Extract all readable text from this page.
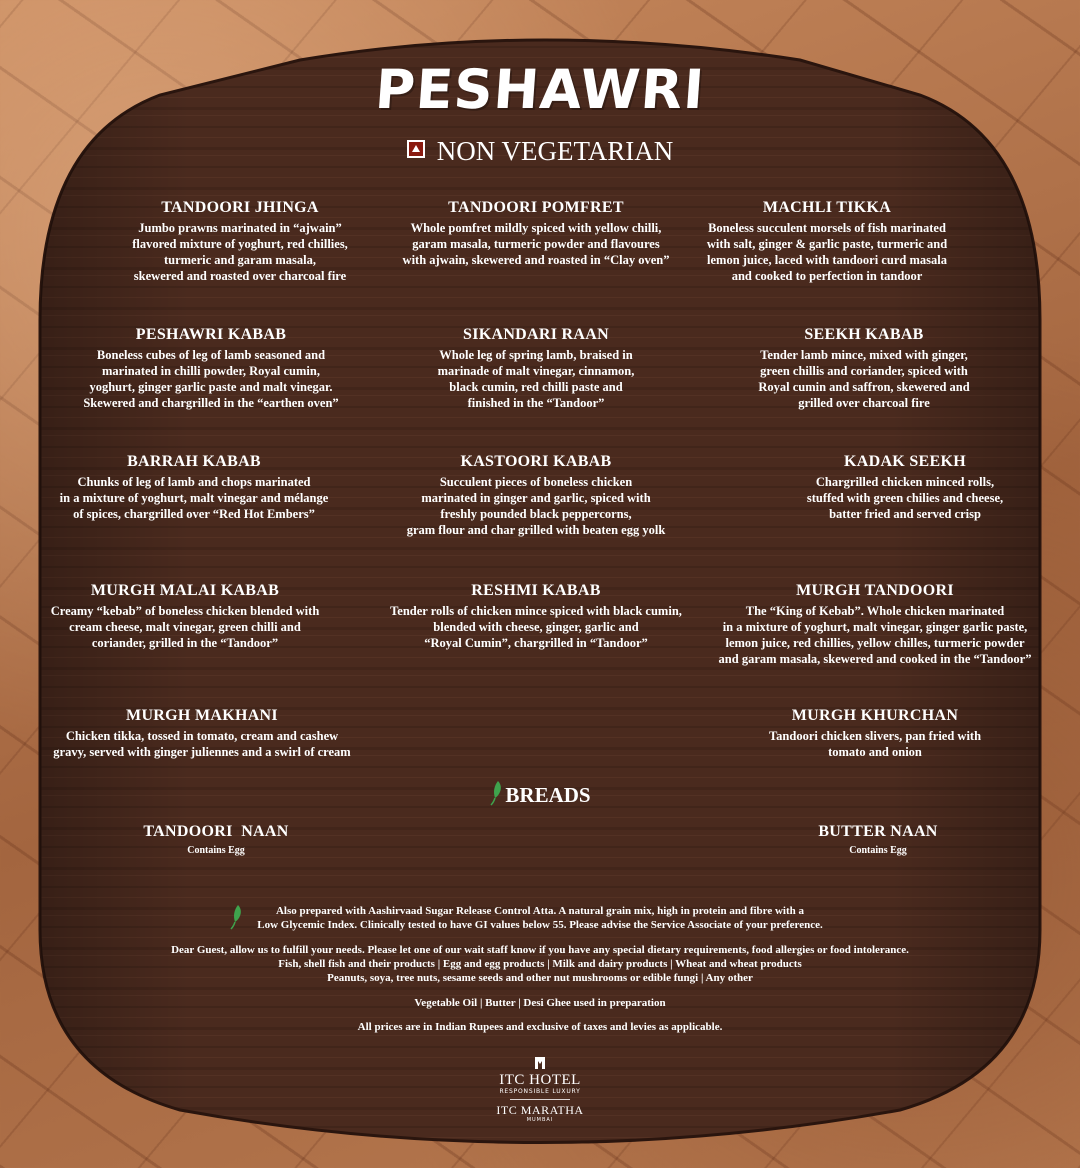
PESHAWRI
NON VEGETARIAN
TANDOORI JHINGA
Jumbo prawns marinated in “ajwain”
flavored mixture of yoghurt, red chillies,
turmeric and garam masala,
skewered and roasted over charcoal fire
TANDOORI POMFRET
Whole pomfret mildly spiced with yellow chilli,
garam masala, turmeric powder and flavoures
with ajwain, skewered and roasted in “Clay oven”
MACHLI TIKKA
Boneless succulent morsels of fish marinated
with salt, ginger & garlic paste, turmeric and
lemon juice, laced with tandoori curd masala
and cooked to perfection in tandoor
PESHAWRI KABAB
Boneless cubes of leg of lamb seasoned and
marinated in chilli powder, Royal cumin,
yoghurt, ginger garlic paste and malt vinegar.
Skewered and chargrilled in the “earthen oven”
SIKANDARI RAAN
Whole leg of spring lamb, braised in
marinade of malt vinegar, cinnamon,
black cumin, red chilli paste and
finished in the “Tandoor”
SEEKH KABAB
Tender lamb mince, mixed with ginger,
green chillis and coriander, spiced with
Royal cumin and saffron, skewered and
grilled over charcoal fire
BARRAH KABAB
Chunks of leg of lamb and chops marinated
in a mixture of yoghurt, malt vinegar and mélange
of spices, chargrilled over “Red Hot Embers”
KASTOORI KABAB
Succulent pieces of boneless chicken
marinated in ginger and garlic, spiced with
freshly pounded black peppercorns,
gram flour and char grilled with beaten egg yolk
KADAK SEEKH
Chargrilled chicken minced rolls,
stuffed with green chilies and cheese,
batter fried and served crisp
MURGH MALAI KABAB
Creamy “kebab” of boneless chicken blended with
cream cheese, malt vinegar, green chilli and
coriander, grilled in the “Tandoor”
RESHMI KABAB
Tender rolls of chicken mince spiced with black cumin,
blended with cheese, ginger, garlic and
“Royal Cumin”, chargrilled in “Tandoor”
MURGH TANDOORI
The “King of Kebab”. Whole chicken marinated
in a mixture of yoghurt, malt vinegar, ginger garlic paste,
lemon juice, red chillies, yellow chilles, turmeric powder
and garam masala, skewered and cooked in the “Tandoor”
MURGH MAKHANI
Chicken tikka, tossed in tomato, cream and cashew
gravy, served with ginger juliennes and a swirl of cream
MURGH KHURCHAN
Tandoori chicken slivers, pan fried with
tomato and onion
BREADS
TANDOORI  NAAN
Contains Egg
BUTTER NAAN
Contains Egg
Also prepared with Aashirvaad Sugar Release Control Atta. A natural grain mix, high in protein and fibre with a
Low Glycemic Index. Clinically tested to have GI values below 55. Please advise the Service Associate of your preference.
Dear Guest, allow us to fulfill your needs. Please let one of our wait staff know if you have any special dietary requirements, food allergies or food intolerance.
Fish, shell fish and their products | Egg and egg products | Milk and dairy products | Wheat and wheat products
Peanuts, soya, tree nuts, sesame seeds and other nut mushrooms or edible fungi | Any other
Vegetable Oil | Butter | Desi Ghee used in preparation
All prices are in Indian Rupees and exclusive of taxes and levies as applicable.
ITC HOTEL
RESPONSIBLE LUXURY
ITC MARATHA
MUMBAI
